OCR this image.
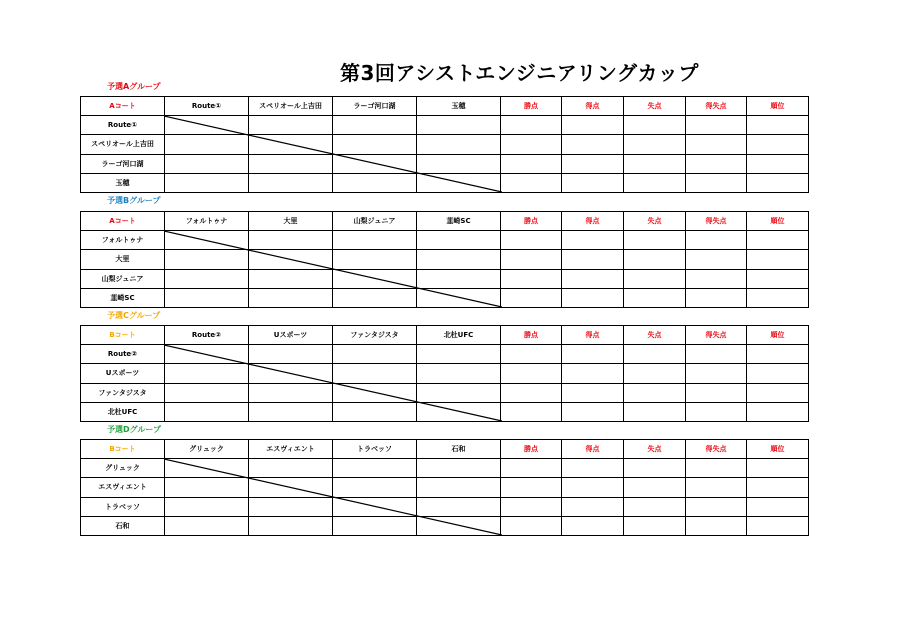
第3回アシストエンジニアリングカップ
予選Aグループ
Aコート	Route①	スペリオール上吉田	ラーゴ河口湖	玉穂	勝点	得点	失点	得失点	順位
Route①									
スペリオール上吉田									
ラーゴ河口湖									
玉穂									
予選Bグループ
Aコート	フォルトゥナ	大里	山梨ジュニア	韮崎SC	勝点	得点	失点	得失点	順位
フォルトゥナ									
大里									
山梨ジュニア									
韮崎SC									
予選Cグループ
Bコート	Route②	Uスポーツ	ファンタジスタ	北杜UFC	勝点	得点	失点	得失点	順位
Route②									
Uスポーツ									
ファンタジスタ									
北杜UFC									
予選Dグループ
Bコート	グリュック	エスヴィエント	トラベッソ	石和	勝点	得点	失点	得失点	順位
グリュック									
エスヴィエント									
トラベッソ									
石和									
